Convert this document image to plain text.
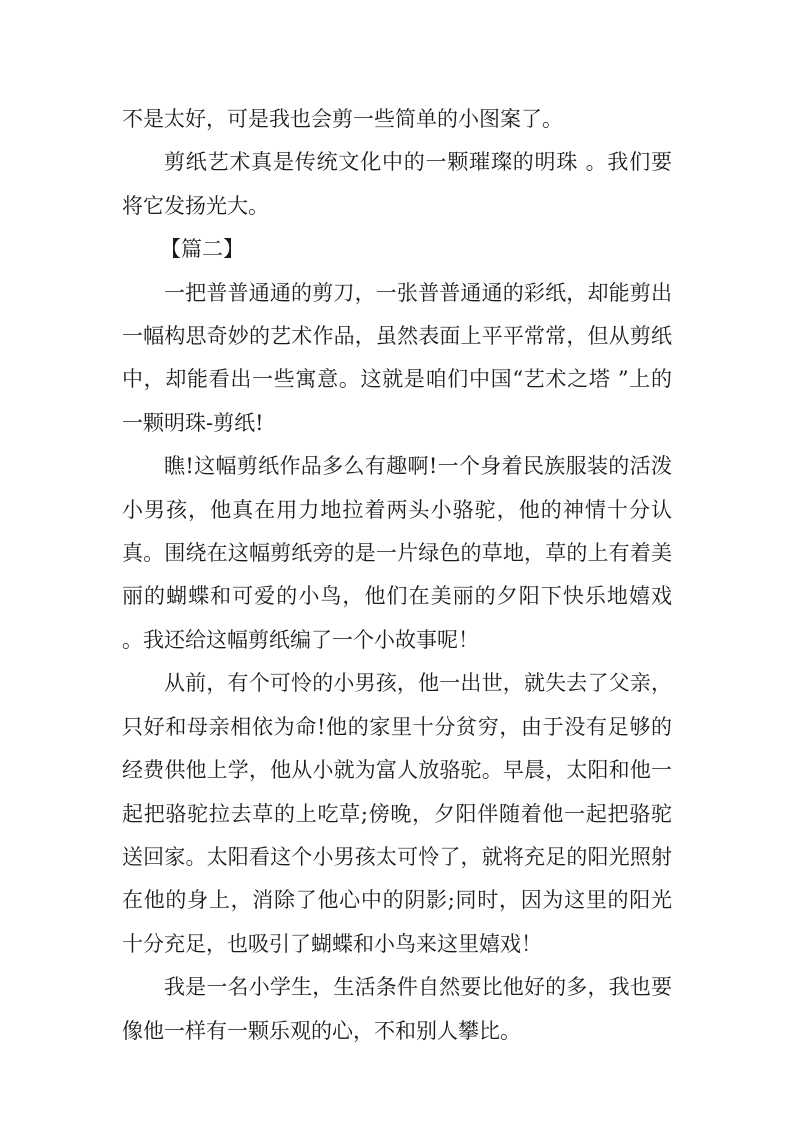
不是太好，可是我也会剪一些简单的小图案了。

剪纸艺术真是传统文化中的一颗璀璨的明珠 。我们要将它发扬光大。

【篇二】

一把普普通通的剪刀，一张普普通通的彩纸，却能剪出一幅构思奇妙的艺术作品，虽然表面上平平常常，但从剪纸中，却能看出一些寓意。这就是咱们中国“艺术之塔 ”上的一颗明珠-剪纸!

瞧!这幅剪纸作品多么有趣啊!一个身着民族服装的活泼小男孩，他真在用力地拉着两头小骆驼，他的神情十分认真。围绕在这幅剪纸旁的是一片绿色的草地，草的上有着美丽的蝴蝶和可爱的小鸟，他们在美丽的夕阳下快乐地嬉戏 。我还给这幅剪纸编了一个小故事呢！

从前，有个可怜的小男孩，他一出世，就失去了父亲，只好和母亲相依为命!他的家里十分贫穷，由于没有足够的经费供他上学，他从小就为富人放骆驼。早晨，太阳和他一起把骆驼拉去草的上吃草;傍晚，夕阳伴随着他一起把骆驼送回家。太阳看这个小男孩太可怜了，就将充足的阳光照射在他的身上，消除了他心中的阴影;同时，因为这里的阳光十分充足，也吸引了蝴蝶和小鸟来这里嬉戏！

我是一名小学生，生活条件自然要比他好的多，我也要像他一样有一颗乐观的心，不和别人攀比。
